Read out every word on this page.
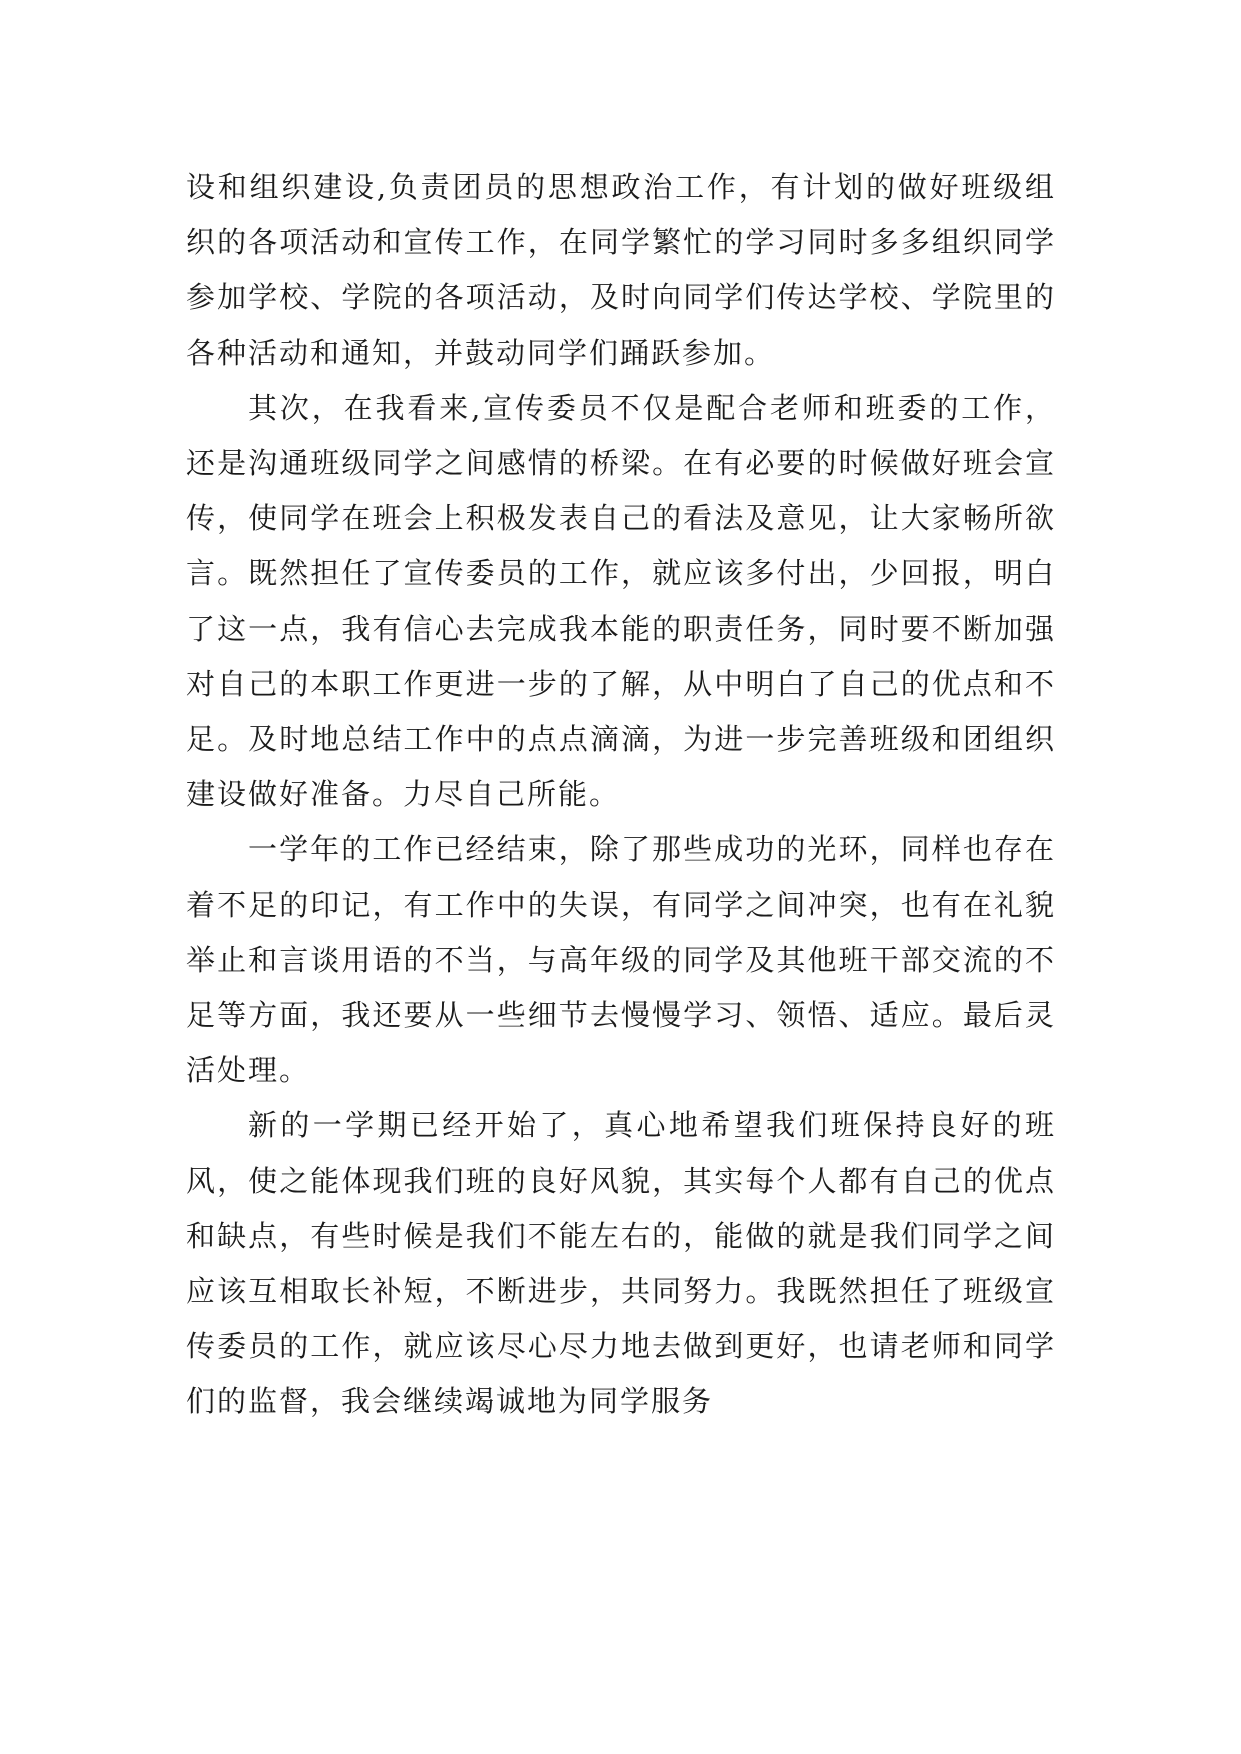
设和组织建设,负责团员的思想政治工作，有计划的做好班级组织的各项活动和宣传工作，在同学繁忙的学习同时多多组织同学参加学校、学院的各项活动，及时向同学们传达学校、学院里的各种活动和通知，并鼓动同学们踊跃参加。

其次，在我看来,宣传委员不仅是配合老师和班委的工作，还是沟通班级同学之间感情的桥梁。在有必要的时候做好班会宣传，使同学在班会上积极发表自己的看法及意见，让大家畅所欲言。既然担任了宣传委员的工作，就应该多付出，少回报，明白了这一点，我有信心去完成我本能的职责任务，同时要不断加强对自己的本职工作更进一步的了解，从中明白了自己的优点和不足。及时地总结工作中的点点滴滴，为进一步完善班级和团组织建设做好准备。力尽自己所能。

一学年的工作已经结束，除了那些成功的光环，同样也存在着不足的印记，有工作中的失误，有同学之间冲突，也有在礼貌举止和言谈用语的不当，与高年级的同学及其他班干部交流的不足等方面，我还要从一些细节去慢慢学习、领悟、适应。最后灵活处理。

新的一学期已经开始了，真心地希望我们班保持良好的班风，使之能体现我们班的良好风貌，其实每个人都有自己的优点和缺点，有些时候是我们不能左右的，能做的就是我们同学之间应该互相取长补短，不断进步，共同努力。我既然担任了班级宣传委员的工作，就应该尽心尽力地去做到更好，也请老师和同学们的监督，我会继续竭诚地为同学服务
